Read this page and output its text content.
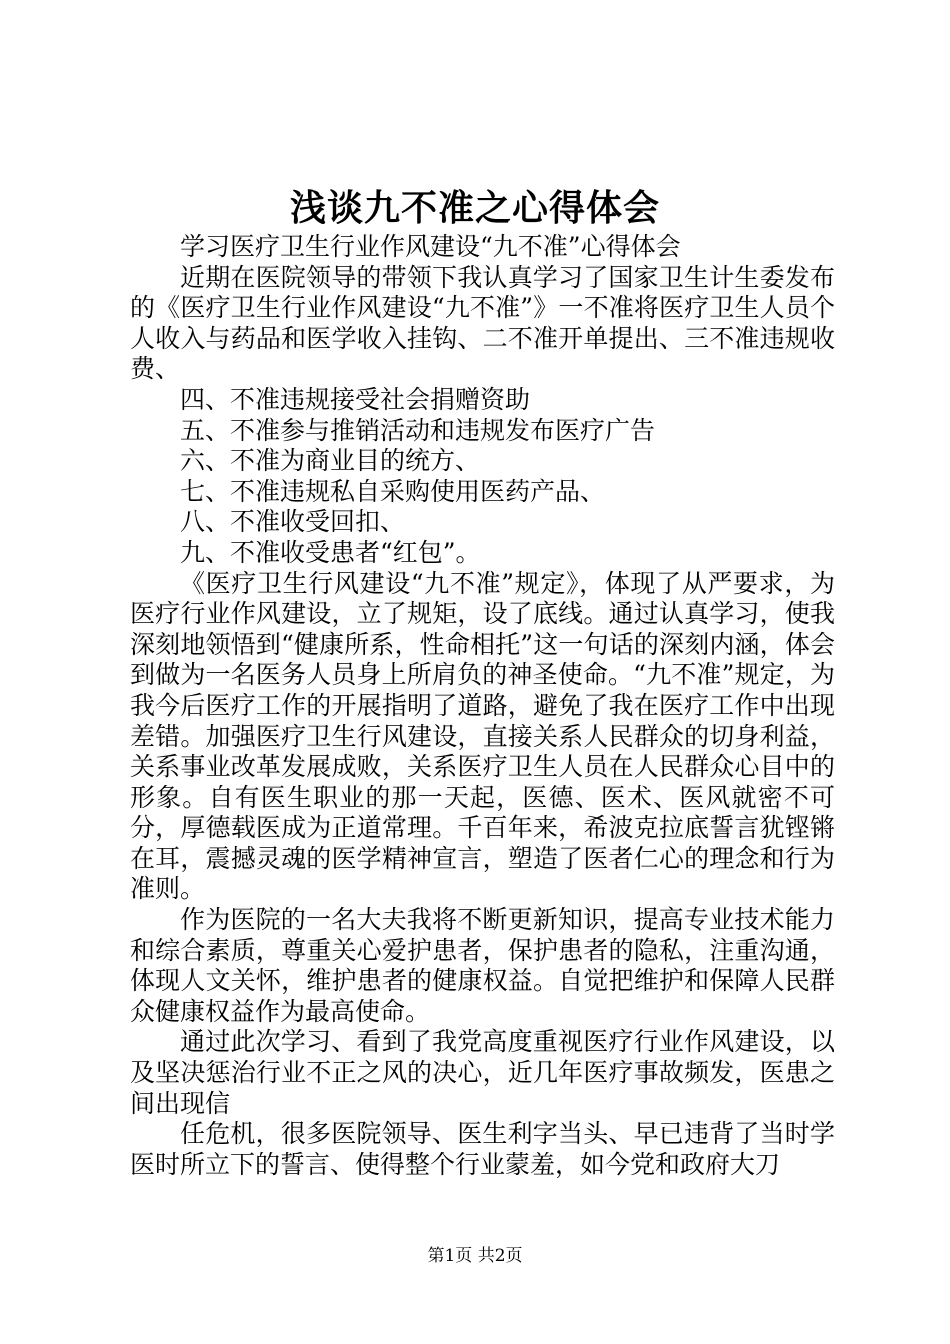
浅谈九不准之心得体会

学习医疗卫生行业作风建设“九不准”心得体会

近期在医院领导的带领下我认真学习了国家卫生计生委发布的《医疗卫生行业作风建设“九不准”》一不准将医疗卫生人员个人收入与药品和医学收入挂钩、二不准开单提出、三不准违规收费、

四、不准违规接受社会捐赠资助

五、不准参与推销活动和违规发布医疗广告

六、不准为商业目的统方、

七、不准违规私自采购使用医药产品、

八、不准收受回扣、

九、不准收受患者“红包”。

《医疗卫生行风建设“九不准”规定》，体现了从严要求，为医疗行业作风建设，立了规矩，设了底线。通过认真学习，使我深刻地领悟到“健康所系，性命相托”这一句话的深刻内涵，体会到做为一名医务人员身上所肩负的神圣使命。“九不准”规定，为我今后医疗工作的开展指明了道路，避免了我在医疗工作中出现差错。加强医疗卫生行风建设，直接关系人民群众的切身利益，关系事业改革发展成败，关系医疗卫生人员在人民群众心目中的形象。自有医生职业的那一天起，医德、医术、医风就密不可分，厚德载医成为正道常理。千百年来，希波克拉底誓言犹铿锵在耳，震撼灵魂的医学精神宣言，塑造了医者仁心的理念和行为准则。

作为医院的一名大夫我将不断更新知识，提高专业技术能力和综合素质，尊重关心爱护患者，保护患者的隐私，注重沟通，体现人文关怀，维护患者的健康权益。自觉把维护和保障人民群众健康权益作为最高使命。

通过此次学习、看到了我党高度重视医疗行业作风建设，以及坚决惩治行业不正之风的决心，近几年医疗事故频发，医患之间出现信

任危机，很多医院领导、医生利字当头、早已违背了当时学医时所立下的誓言、使得整个行业蒙羞，如今党和政府大刀

第1页 共2页
